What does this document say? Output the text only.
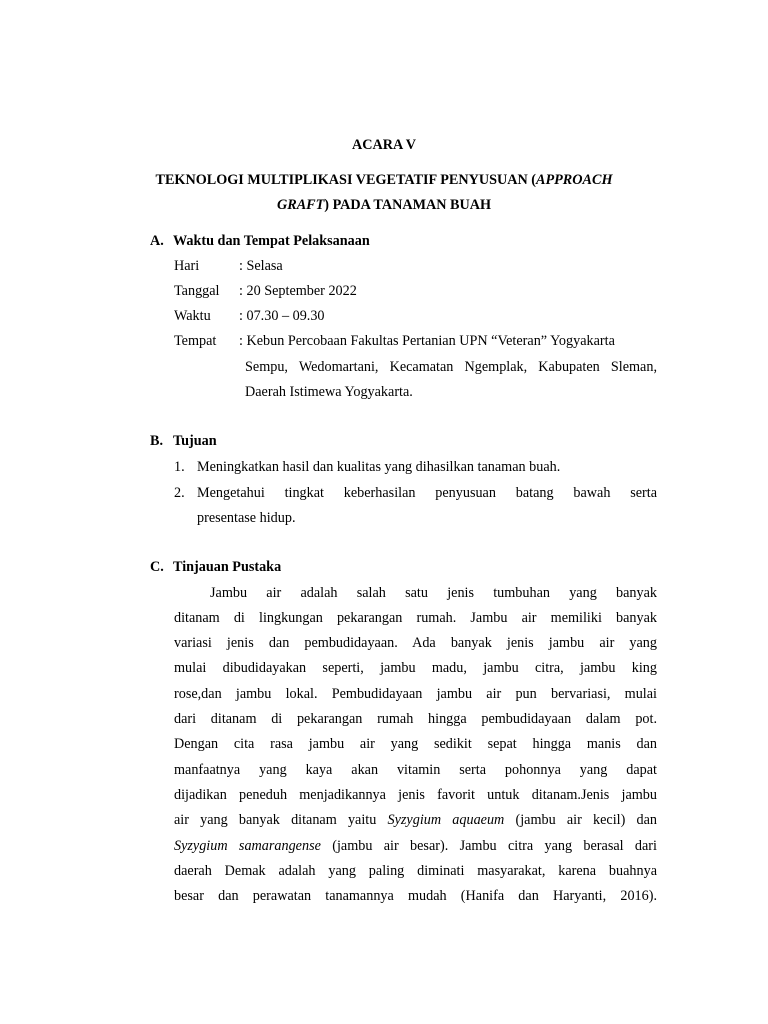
ACARA V
TEKNOLOGI MULTIPLIKASI VEGETATIF PENYUSUAN (APPROACH
GRAFT) PADA TANAMAN BUAH
A. Waktu dan Tempat Pelaksanaan
Hari	: Selasa
Tanggal : 20 September 2022
Waktu : 07.30 – 09.30
Tempat : Kebun Percobaan Fakultas Pertanian UPN “Veteran” Yogyakarta
Sempu, Wedomartani, Kecamatan Ngemplak, Kabupaten Sleman,
Daerah Istimewa Yogyakarta.
B. Tujuan
1. Meningkatkan hasil dan kualitas yang dihasilkan tanaman buah.
2. Mengetahui tingkat keberhasilan penyusuan batang bawah serta
presentase hidup.
C. Tinjauan Pustaka
Jambu air adalah salah satu jenis tumbuhan yang banyak
ditanam di lingkungan pekarangan rumah. Jambu air memiliki banyak
variasi jenis dan pembudidayaan. Ada banyak jenis jambu air yang
mulai dibudidayakan seperti, jambu madu, jambu citra, jambu king
rose,dan jambu lokal. Pembudidayaan jambu air pun bervariasi, mulai
dari ditanam di pekarangan rumah hingga pembudidayaan dalam pot.
Dengan cita rasa jambu air yang sedikit sepat hingga manis dan
manfaatnya yang kaya akan vitamin serta pohonnya yang dapat
dijadikan peneduh menjadikannya jenis favorit untuk ditanam.Jenis jambu
air yang banyak ditanam yaitu Syzygium aquaeum (jambu air kecil) dan
Syzygium samarangense (jambu air besar). Jambu citra yang berasal dari
daerah Demak adalah yang paling diminati masyarakat, karena buahnya
besar dan perawatan tanamannya mudah (Hanifa dan Haryanti, 2016).
